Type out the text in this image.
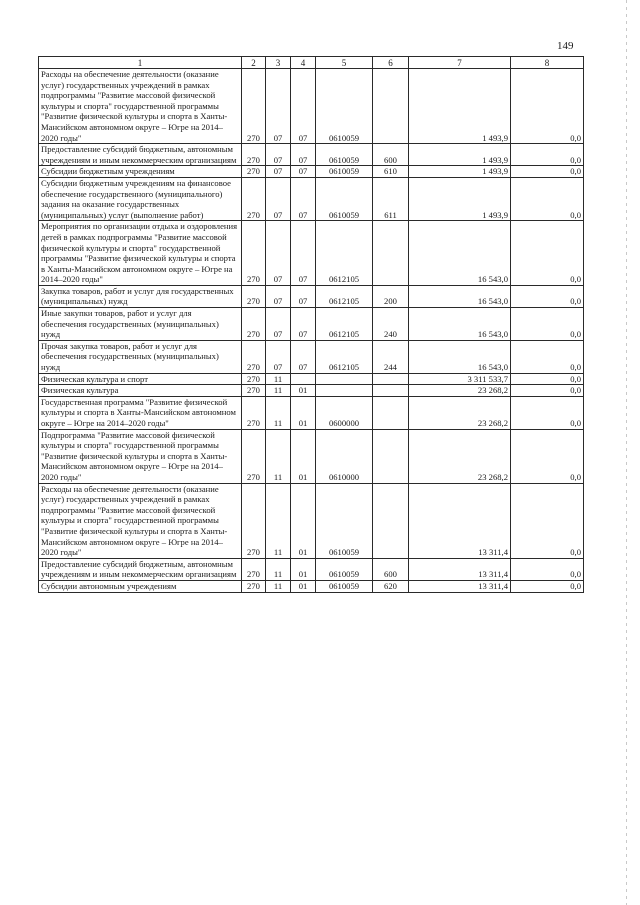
149
1	2	3	4	5	6	7	8
Расходы на обеспечение деятельности (оказание услуг) государственных учреждений в рамках подпрограммы "Развитие массовой физической культуры и спорта" государственной программы "Развитие физической культуры и спорта в Ханты-Мансийском автономном округе – Югре на 2014–2020 годы"	270	07	07	0610059		1 493,9	0,0
Предоставление субсидий бюджетным, автономным учреждениям и иным некоммерческим организациям	270	07	07	0610059	600	1 493,9	0,0
Субсидии бюджетным учреждениям	270	07	07	0610059	610	1 493,9	0,0
Субсидии бюджетным учреждениям на финансовое обеспечение государственного (муниципального) задания на оказание государственных (муниципальных) услуг (выполнение работ)	270	07	07	0610059	611	1 493,9	0,0
Мероприятия по организации отдыха и оздоровления детей в рамках подпрограммы "Развитие массовой физической культуры и спорта" государственной программы "Развитие физической культуры и спорта в Ханты-Мансийском автономном округе – Югре на 2014–2020 годы"	270	07	07	0612105		16 543,0	0,0
Закупка товаров, работ и услуг для государственных (муниципальных) нужд	270	07	07	0612105	200	16 543,0	0,0
Иные закупки товаров, работ и услуг для обеспечения государственных (муниципальных) нужд	270	07	07	0612105	240	16 543,0	0,0
Прочая закупка товаров, работ и услуг для обеспечения государственных (муниципальных) нужд	270	07	07	0612105	244	16 543,0	0,0
Физическая культура и спорт	270	11				3 311 533,7	0,0
Физическая культура	270	11	01			23 268,2	0,0
Государственная программа "Развитие физической культуры и спорта в Ханты-Мансийском автономном округе – Югре на 2014–2020 годы"	270	11	01	0600000		23 268,2	0,0
Подпрограмма "Развитие массовой физической культуры и спорта" государственной программы "Развитие физической культуры и спорта в Ханты-Мансийском автономном округе – Югре на 2014–2020 годы"	270	11	01	0610000		23 268,2	0,0
Расходы на обеспечение деятельности (оказание услуг) государственных учреждений в рамках подпрограммы "Развитие массовой физической культуры и спорта" государственной программы "Развитие физической культуры и спорта в Ханты-Мансийском автономном округе – Югре на 2014–2020 годы"	270	11	01	0610059		13 311,4	0,0
Предоставление субсидий бюджетным, автономным учреждениям и иным некоммерческим организациям	270	11	01	0610059	600	13 311,4	0,0
Субсидии автономным учреждениям	270	11	01	0610059	620	13 311,4	0,0
